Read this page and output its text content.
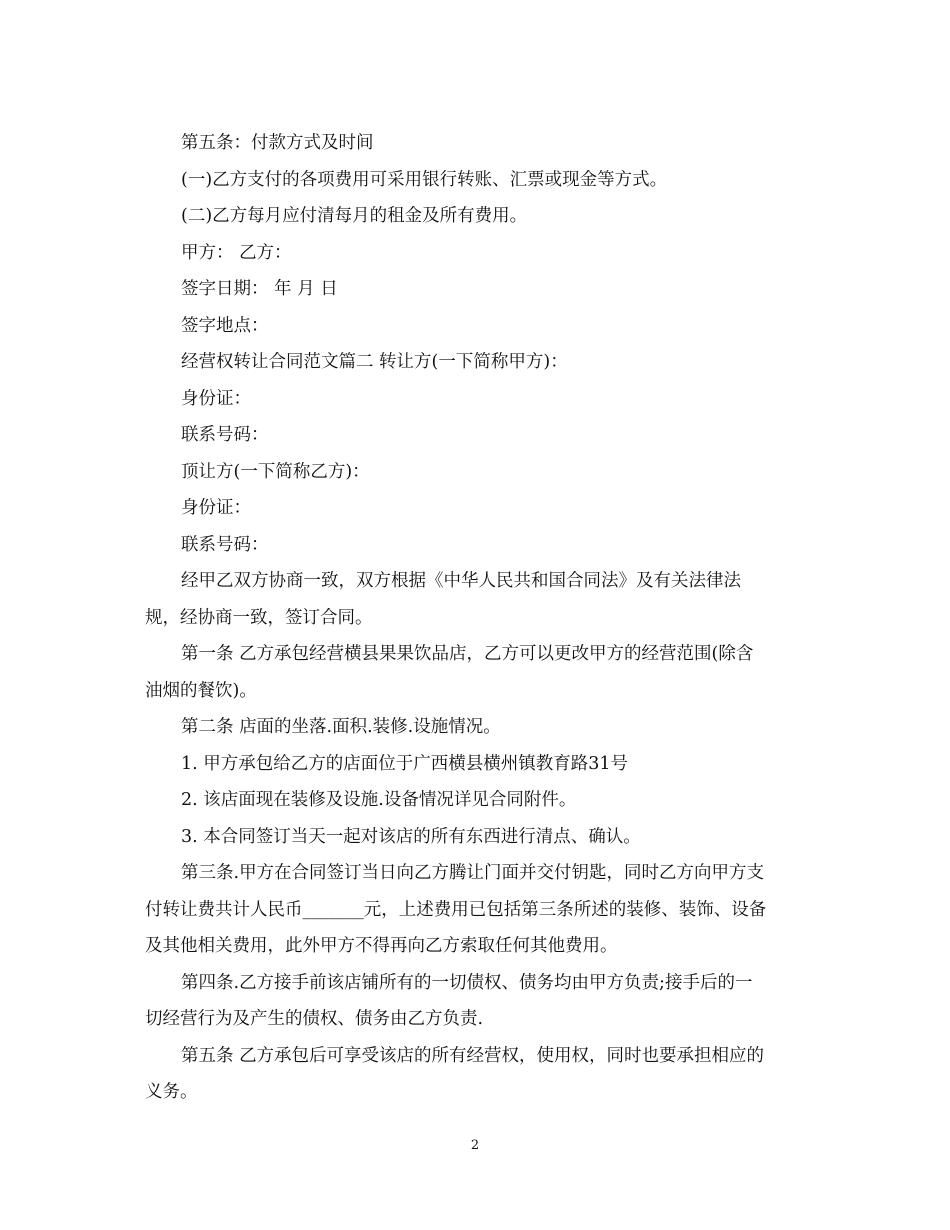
第五条：付款方式及时间
(一)乙方支付的各项费用可采用银行转账、汇票或现金等方式。
(二)乙方每月应付清每月的租金及所有费用。
甲方： 乙方：
签字日期： 年 月 日
签字地点：
经营权转让合同范文篇二 转让方(一下简称甲方)：
身份证：
联系号码：
顶让方(一下简称乙方)：
身份证：
联系号码：
经甲乙双方协商一致，双方根据《中华人民共和国合同法》及有关法律法
规，经协商一致，签订合同。
第一条 乙方承包经营横县果果饮品店，乙方可以更改甲方的经营范围(除含
油烟的餐饮)。
第二条 店面的坐落.面积.装修.设施情况。
1. 甲方承包给乙方的店面位于广西横县横州镇教育路31号
2. 该店面现在装修及设施.设备情况详见合同附件。
3. 本合同签订当天一起对该店的所有东西进行清点、确认。
第三条.甲方在合同签订当日向乙方腾让门面并交付钥匙，同时乙方向甲方支
付转让费共计人民币_______元，上述费用已包括第三条所述的装修、装饰、设备
及其他相关费用，此外甲方不得再向乙方索取任何其他费用。
第四条.乙方接手前该店铺所有的一切债权、债务均由甲方负责;接手后的一
切经营行为及产生的债权、债务由乙方负责.
第五条 乙方承包后可享受该店的所有经营权，使用权，同时也要承担相应的
义务。
2
